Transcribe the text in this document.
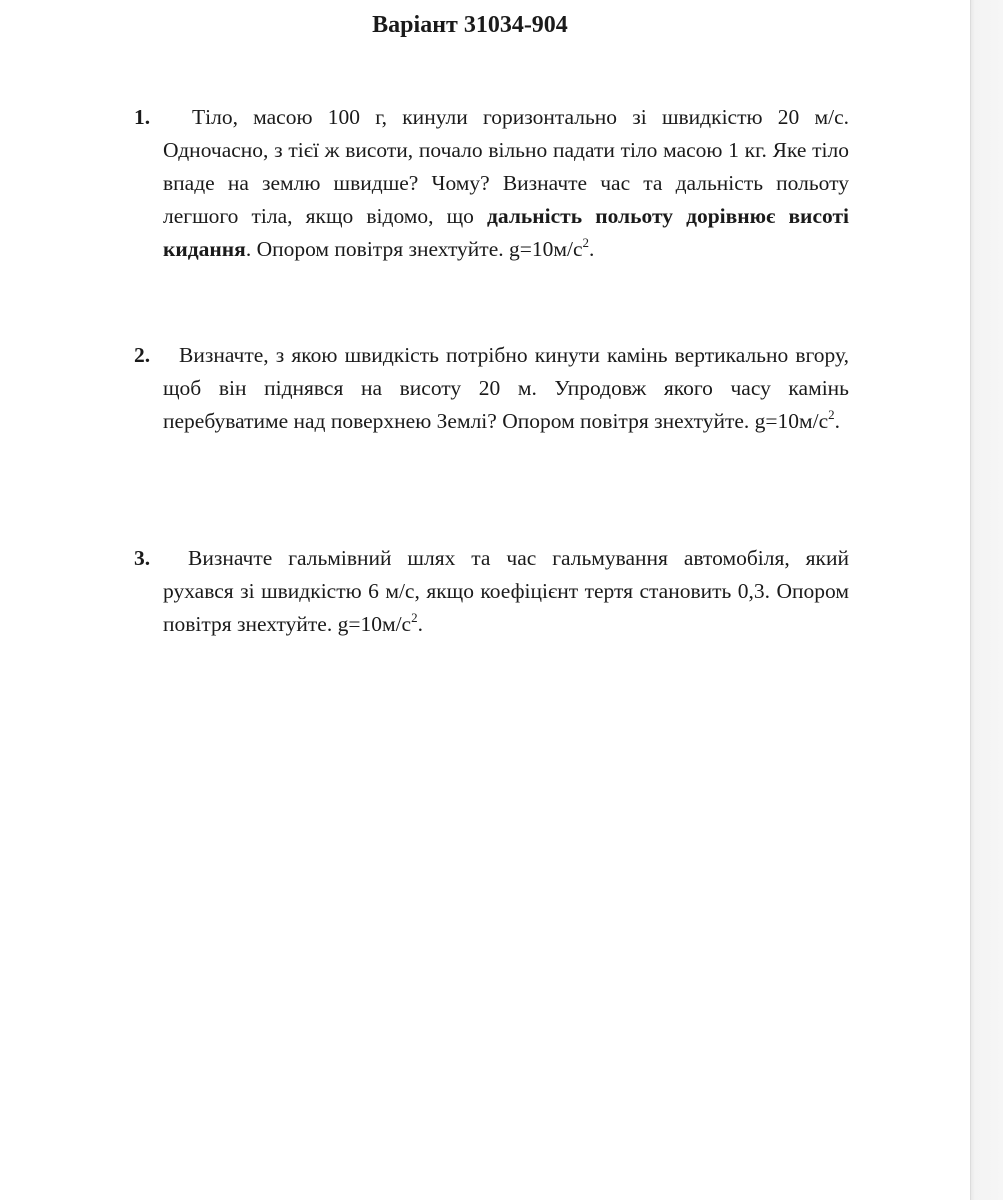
Варіант 31034-904
1.	Тіло, масою 100 г, кинули горизонтально зі швидкістю 20 м/с. Одночасно, з тієї ж висоти, почало вільно падати тіло масою 1 кг. Яке тіло впаде на землю швидше? Чому? Визначте час та дальність польоту легшого тіла, якщо відомо, що дальність польоту дорівнює висоті кидання. Опором повітря знехтуйте. $g=10м/с^2$.
2.	Визначте, з якою швидкість потрібно кинути камінь вертикально вгору, щоб він піднявся на висоту 20 м. Упродовж якого часу камінь перебуватиме над поверхнею Землі? Опором повітря знехтуйте. $g=10м/с^2$.
3.	Визначте гальмівний шлях та час гальмування автомобіля, який рухався зі швидкістю 6 м/с, якщо коефіцієнт тертя становить 0,3. Опором повітря знехтуйте. $g=10м/с^2$.
